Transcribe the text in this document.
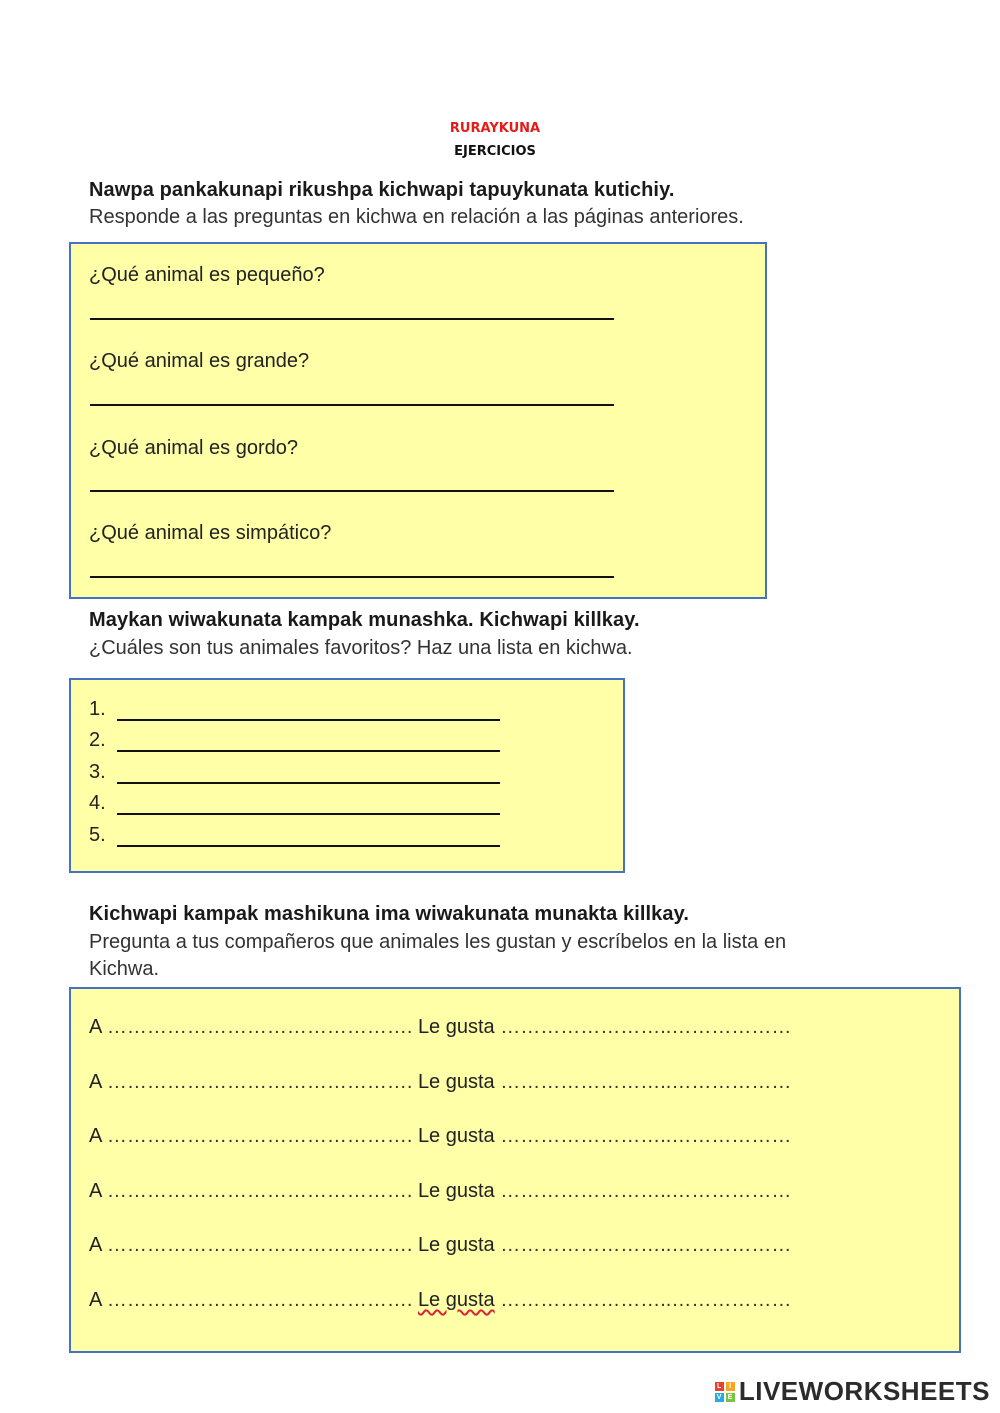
RURAYKUNA
EJERCICIOS
Nawpa pankakunapi rikushpa kichwapi tapuykunata kutichiy.
Responde a las preguntas en kichwa en relación a las páginas anteriores.
¿Qué animal es pequeño?
¿Qué animal es grande?
¿Qué animal es gordo?
¿Qué animal es simpático?
Maykan wiwakunata kampak munashka. Kichwapi killkay.
¿Cuáles son tus animales favoritos? Haz una lista en kichwa.
1.
2.
3.
4.
5.
Kichwapi kampak mashikuna ima wiwakunata munakta killkay.
Pregunta a tus compañeros que animales les gustan y escríbelos en la lista en
Kichwa.
A ………………………………………. Le gusta ……………………..………………
A ………………………………………. Le gusta ……………………..………………
A ………………………………………. Le gusta ……………………..………………
A ………………………………………. Le gusta ……………………..………………
A ………………………………………. Le gusta ……………………..………………
A ………………………………………. Le gusta ……………………..………………
L	I
V E LIVEWORKSHEETS
